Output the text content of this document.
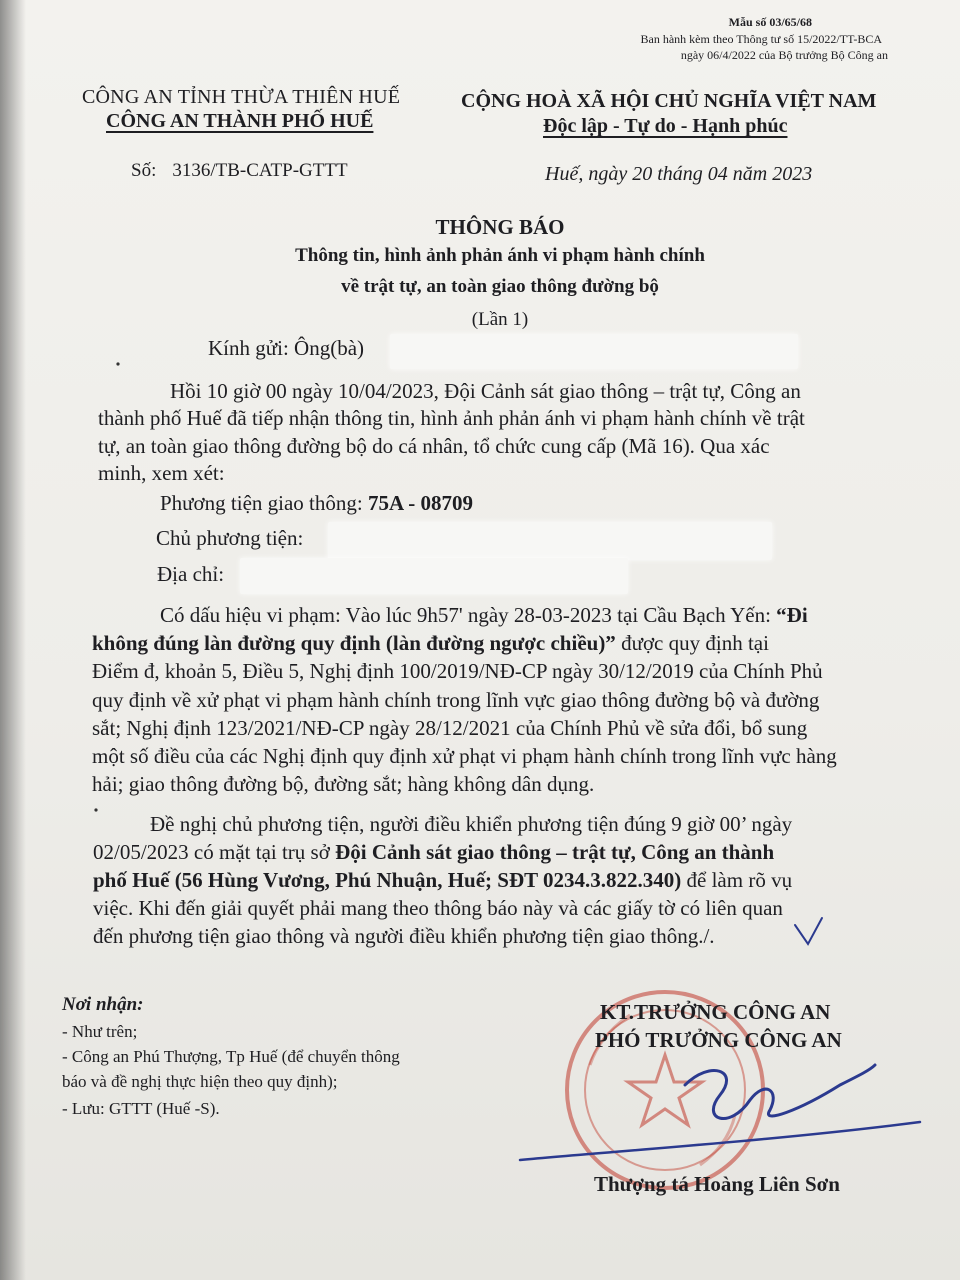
Mẫu số 03/65/68
Ban hành kèm theo Thông tư số 15/2022/TT-BCA
ngày 06/4/2022 của Bộ trưởng Bộ Công an
CÔNG AN TỈNH THỪA THIÊN HUẾ
CÔNG AN THÀNH PHỐ HUẾ
CỘNG HOÀ XÃ HỘI CHỦ NGHĨA VIỆT NAM
Độc lập - Tự do - Hạnh phúc
Số: 3136/TB-CATP-GTTT	Huế, ngày 20 tháng 04 năm 2023
THÔNG BÁO
Thông tin, hình ảnh phản ánh vi phạm hành chính
về trật tự, an toàn giao thông đường bộ
(Lần 1)
Kính gửi: Ông(bà)
Hồi 10 giờ 00 ngày 10/04/2023, Đội Cảnh sát giao thông – trật tự, Công an
thành phố Huế đã tiếp nhận thông tin, hình ảnh phản ánh vi phạm hành chính về trật
tự, an toàn giao thông đường bộ do cá nhân, tổ chức cung cấp (Mã 16). Qua xác
minh, xem xét:
Phương tiện giao thông: 75A - 08709
Chủ phương tiện:
Địa chỉ:
Có dấu hiệu vi phạm: Vào lúc 9h57' ngày 28-03-2023 tại Cầu Bạch Yến: “Đi
không đúng làn đường quy định (làn đường ngược chiều)” được quy định tại
Điểm đ, khoản 5, Điều 5, Nghị định 100/2019/NĐ-CP ngày 30/12/2019 của Chính Phủ
quy định về xử phạt vi phạm hành chính trong lĩnh vực giao thông đường bộ và đường
sắt; Nghị định 123/2021/NĐ-CP ngày 28/12/2021 của Chính Phủ về sửa đổi, bổ sung
một số điều của các Nghị định quy định xử phạt vi phạm hành chính trong lĩnh vực hàng
hải; giao thông đường bộ, đường sắt; hàng không dân dụng.
Đề nghị chủ phương tiện, người điều khiển phương tiện đúng 9 giờ 00’ ngày
02/05/2023 có mặt tại trụ sở Đội Cảnh sát giao thông – trật tự, Công an thành
phố Huế (56 Hùng Vương, Phú Nhuận, Huế; SĐT 0234.3.822.340) để làm rõ vụ
việc. Khi đến giải quyết phải mang theo thông báo này và các giấy tờ có liên quan
đến phương tiện giao thông và người điều khiển phương tiện giao thông./.
Nơi nhận:
- Như trên;
- Công an Phú Thượng, Tp Huế (để chuyển thông
báo và đề nghị thực hiện theo quy định);
- Lưu: GTTT (Huế -S).
KT.TRƯỞNG CÔNG AN
PHÓ TRƯỞNG CÔNG AN
Thượng tá Hoàng Liên Sơn
